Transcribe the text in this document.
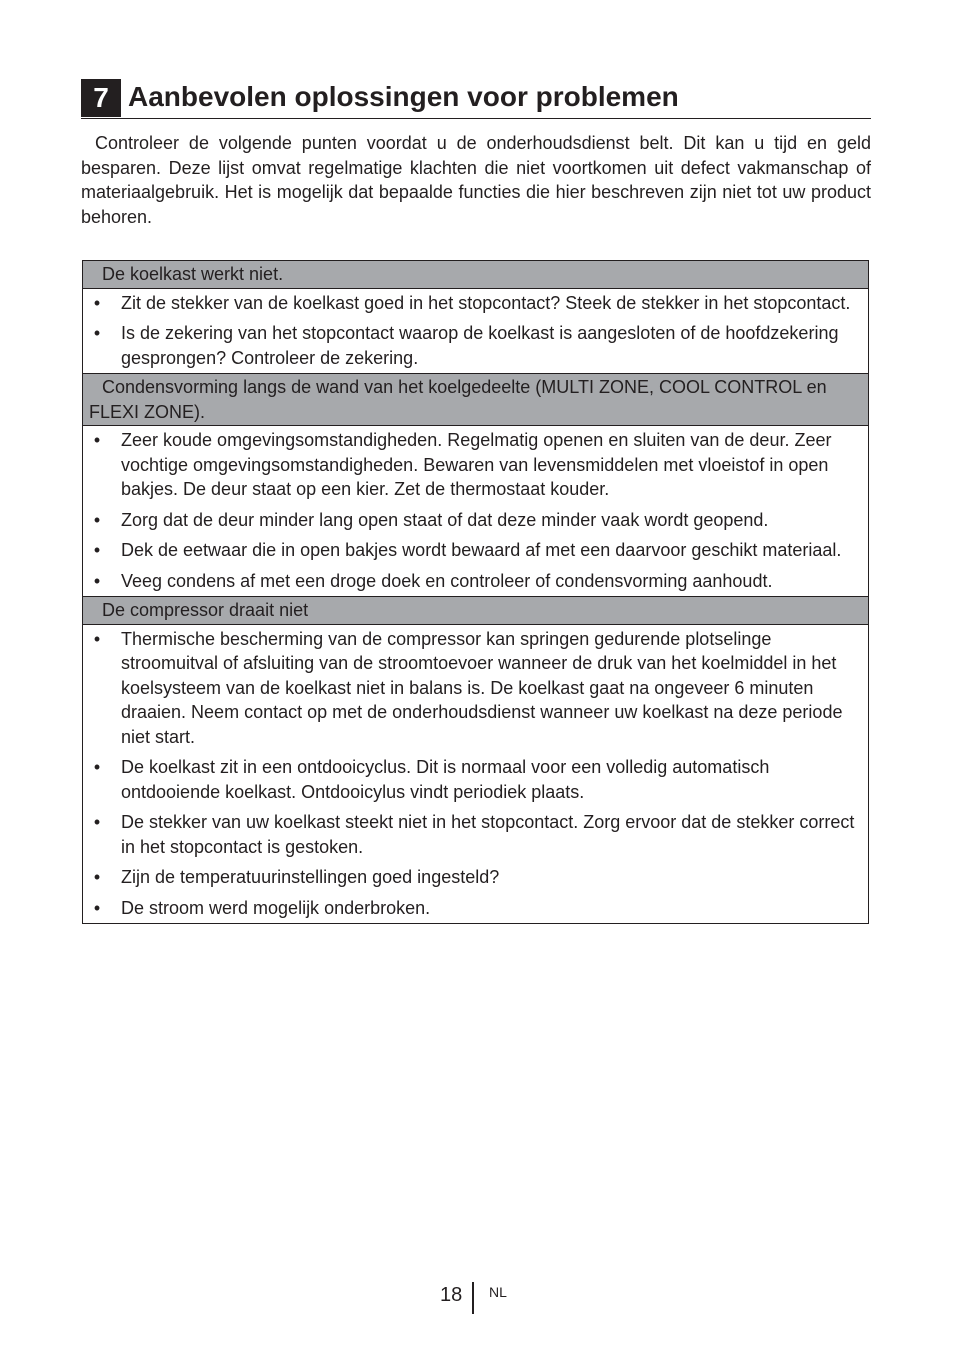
7 Aanbevolen oplossingen voor problemen

Controleer de volgende punten voordat u de onderhoudsdienst belt. Dit kan u tijd en geld besparen. Deze lijst omvat regelmatige klachten die niet voortkomen uit defect vakmanschap of materiaalgebruik. Het is mogelijk dat bepaalde functies die hier beschreven zijn niet tot uw product behoren.

De koelkast werkt niet.
• Zit de stekker van de koelkast goed in het stopcontact? Steek de stekker in het stopcontact.
• Is de zekering van het stopcontact waarop de koelkast is aangesloten of de hoofdzekering gesprongen? Controleer de zekering.
Condensvorming langs de wand van het koelgedeelte (MULTI ZONE, COOL CONTROL en FLEXI ZONE).
• Zeer koude omgevingsomstandigheden. Regelmatig openen en sluiten van de deur. Zeer vochtige omgevingsomstandigheden. Bewaren van levensmiddelen met vloeistof in open bakjes. De deur staat op een kier. Zet de thermostaat kouder.
• Zorg dat de deur minder lang open staat of dat deze minder vaak wordt geopend.
• Dek de eetwaar die in open bakjes wordt bewaard af met een daarvoor geschikt materiaal.
• Veeg condens af met een droge doek en controleer of condensvorming aanhoudt.
De compressor draait niet
• Thermische bescherming van de compressor kan springen gedurende plotselinge stroomuitval of afsluiting van de stroomtoevoer wanneer de druk van het koelmiddel in het koelsysteem van de koelkast niet in balans is. De koelkast gaat na ongeveer 6 minuten draaien. Neem contact op met de onderhoudsdienst wanneer uw koelkast na deze periode niet start.
• De koelkast zit in een ontdooicyclus. Dit is normaal voor een volledig automatisch ontdooiende koelkast. Ontdooicylus vindt periodiek plaats.
• De stekker van uw koelkast steekt niet in het stopcontact. Zorg ervoor dat de stekker correct in het stopcontact is gestoken.
• Zijn de temperatuurinstellingen goed ingesteld?
• De stroom werd mogelijk onderbroken.
18 NL
